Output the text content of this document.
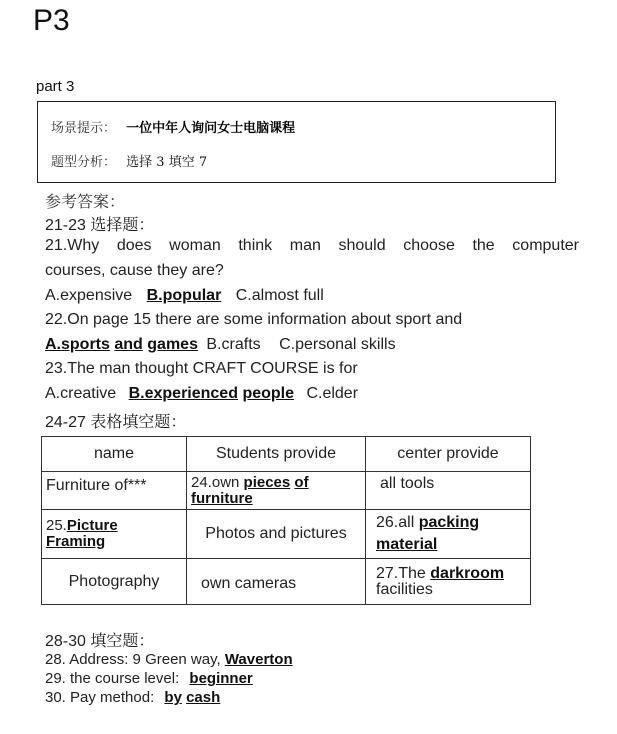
P3
part 3
场景提示： 一位中年人询问女士电脑课程
题型分析： 选择 3 填空 7
参考答案：
21-23 选择题：
21.Why does woman think man should choose the computer
courses, cause they are?
A.expensive B.popular C.almost full
22.On page 15 there are some information about sport and
A.sports and games B.crafts C.personal skills
23.The man thought CRAFT COURSE is for
A.creative B.experienced people C.elder
24-27 表格填空题：
name	Students provide	center provide

Furniture of***	24.own pieces of
furniture	all tools

25.Picture
Framing	Photos and pictures	26.all packing
material

Photography	own cameras	27.The darkroom
facilities
28-30 填空题：
28. Address: 9 Green way, Waverton
29. the course level: beginner
30. Pay method: by cash
